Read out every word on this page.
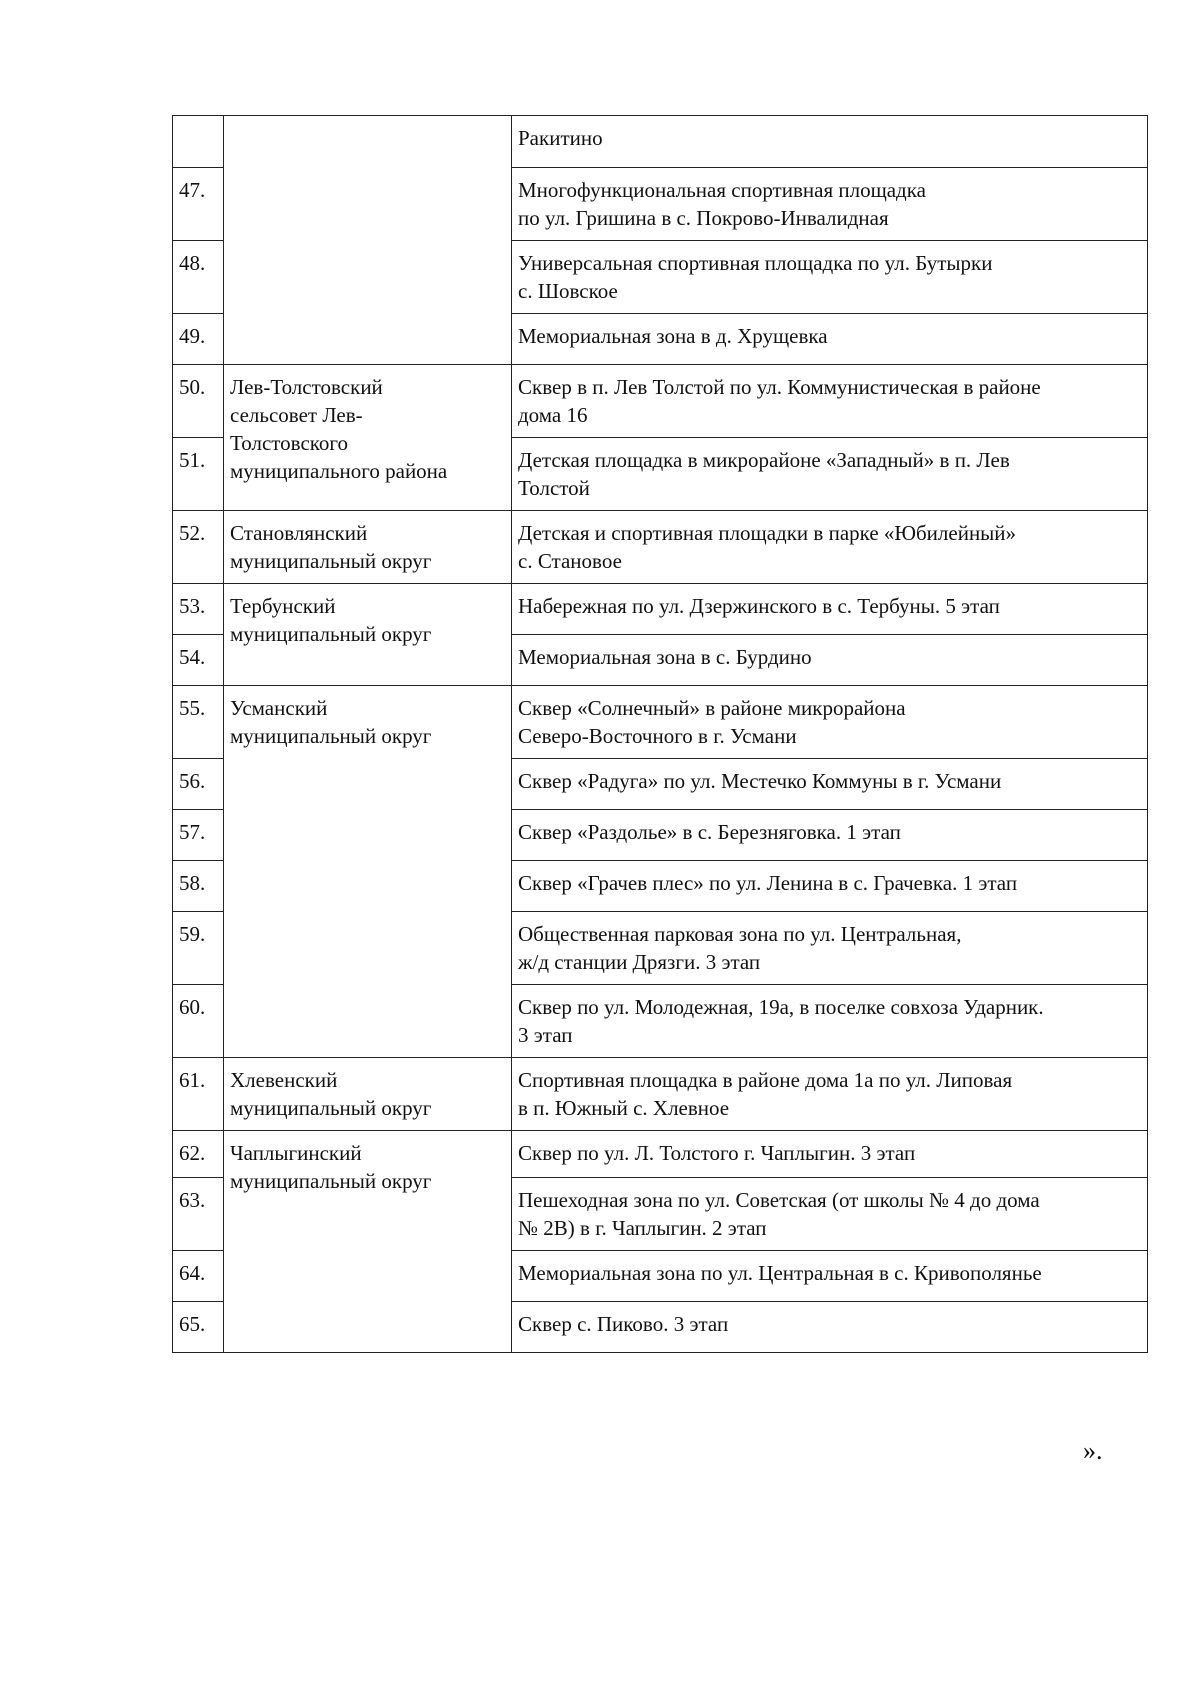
		Ракитино
47.		Многофункциональная спортивная площадка
по ул. Гришина в с. Покрово-Инвалидная
48.		Универсальная спортивная площадка по ул. Бутырки
с. Шовское
49.		Мемориальная зона в д. Хрущевка
50.	Лев-Толстовский
сельсовет Лев-
Толстовского
муниципального района	Сквер в п. Лев Толстой по ул. Коммунистическая в районе
дома 16
51.		Детская площадка в микрорайоне «Западный» в п. Лев
Толстой
52.	Становлянский
муниципальный округ	Детская и спортивная площадки в парке «Юбилейный»
с. Становое
53.	Тербунский
муниципальный округ	Набережная по ул. Дзержинского в с. Тербуны. 5 этап
54.		Мемориальная зона в с. Бурдино
55.	Усманский
муниципальный округ	Сквер «Солнечный» в районе микрорайона
Северо-Восточного в г. Усмани
56.		Сквер «Радуга» по ул. Местечко Коммуны в г. Усмани
57.		Сквер «Раздолье» в с. Березняговка. 1 этап
58.		Сквер «Грачев плес» по ул. Ленина в с. Грачевка. 1 этап
59.		Общественная парковая зона по ул. Центральная,
ж/д станции Дрязги. 3 этап
60.		Сквер по ул. Молодежная, 19а, в поселке совхоза Ударник.
3 этап
61.	Хлевенский
муниципальный округ	Спортивная площадка в районе дома 1а по ул. Липовая
в п. Южный с. Хлевное
62.	Чаплыгинский
муниципальный округ	Сквер по ул. Л. Толстого г. Чаплыгин. 3 этап
63.		Пешеходная зона по ул. Советская (от школы № 4 до дома
№ 2В) в г. Чаплыгин. 2 этап
64.		Мемориальная зона по ул. Центральная в с. Кривополянье
65.		Сквер с. Пиково. 3 этап
».
